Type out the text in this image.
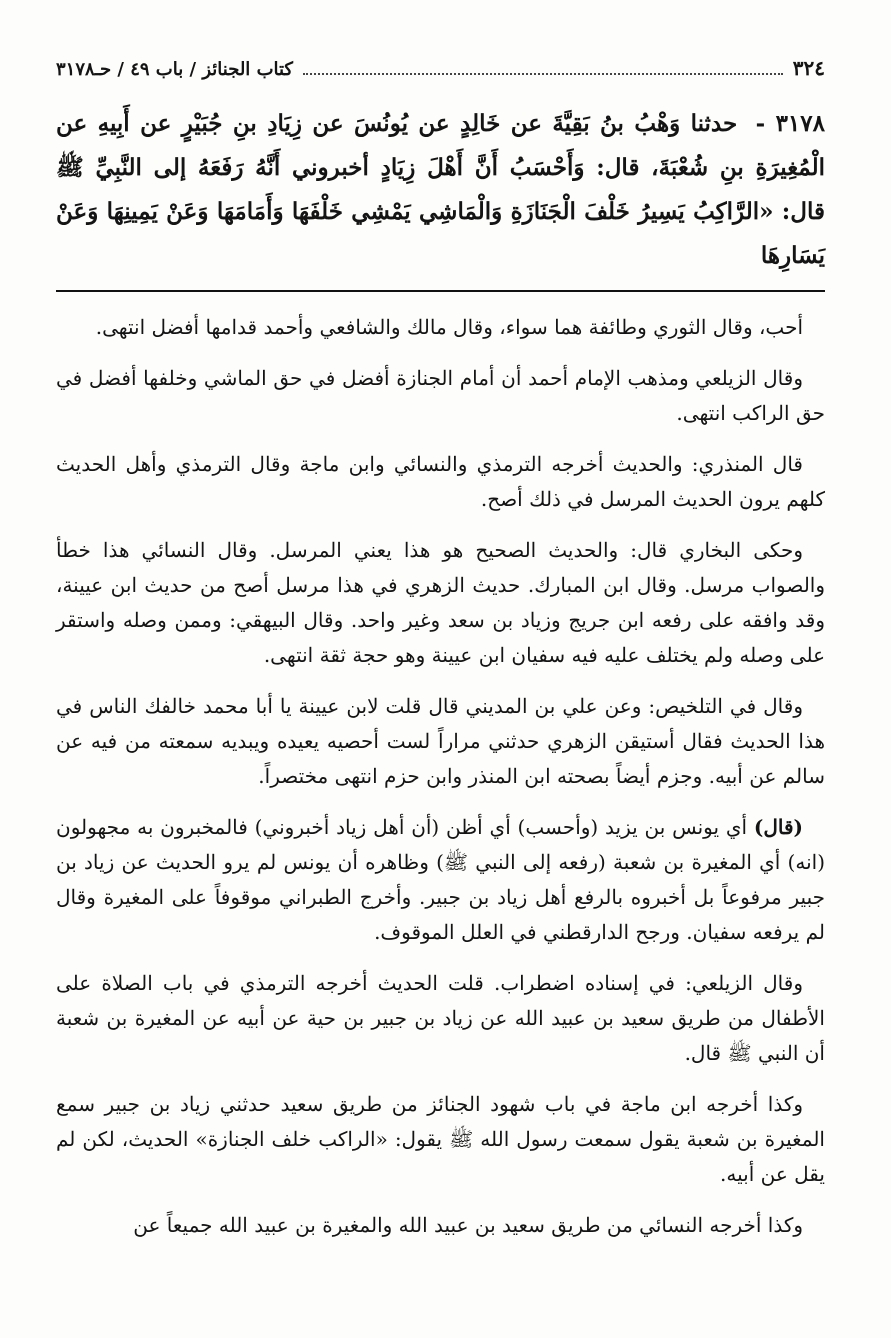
٣٢٤
كتاب الجنائز / باب ٤٩ / حـ٣١٧٨
٣١٧٨ - حدثنا وَهْبُ بنُ بَقِيَّةَ عن خَالِدٍ عن يُونُسَ عن زِيَادِ بنِ جُبَيْرٍ عن أَبِيهِ عن الْمُغِيرَةِ بنِ شُعْبَةَ، قال: وَأَحْسَبُ أَنَّ أَهْلَ زِيَادٍ أخبروني أَنَّهُ رَفَعَهُ إلى النَّبِيِّ ﷺ قال: «الرَّاكِبُ يَسِيرُ خَلْفَ الْجَنَازَةِ وَالْمَاشِي يَمْشِي خَلْفَهَا وَأَمَامَهَا وَعَنْ يَمِينِهَا وَعَنْ يَسَارِهَا

أحب، وقال الثوري وطائفة هما سواء، وقال مالك والشافعي وأحمد قدامها أفضل انتهى.

وقال الزيلعي ومذهب الإمام أحمد أن أمام الجنازة أفضل في حق الماشي وخلفها أفضل في حق الراكب انتهى.

قال المنذري: والحديث أخرجه الترمذي والنسائي وابن ماجة وقال الترمذي وأهل الحديث كلهم يرون الحديث المرسل في ذلك أصح.

وحكى البخاري قال: والحديث الصحيح هو هذا يعني المرسل. وقال النسائي هذا خطأ والصواب مرسل. وقال ابن المبارك. حديث الزهري في هذا مرسل أصح من حديث ابن عيينة، وقد وافقه على رفعه ابن جريج وزياد بن سعد وغير واحد. وقال البيهقي: وممن وصله واستقر على وصله ولم يختلف عليه فيه سفيان ابن عيينة وهو حجة ثقة انتهى.

وقال في التلخيص: وعن علي بن المديني قال قلت لابن عيينة يا أبا محمد خالفك الناس في هذا الحديث فقال أستيقن الزهري حدثني مراراً لست أحصيه يعيده ويبديه سمعته من فيه عن سالم عن أبيه. وجزم أيضاً بصحته ابن المنذر وابن حزم انتهى مختصراً.

(قال) أي يونس بن يزيد (وأحسب) أي أظن (أن أهل زياد أخبروني) فالمخبرون به مجهولون (انه) أي المغيرة بن شعبة (رفعه إلى النبي ﷺ) وظاهره أن يونس لم يرو الحديث عن زياد بن جبير مرفوعاً بل أخبروه بالرفع أهل زياد بن جبير. وأخرج الطبراني موقوفاً على المغيرة وقال لم يرفعه سفيان. ورجح الدارقطني في العلل الموقوف.

وقال الزيلعي: في إسناده اضطراب. قلت الحديث أخرجه الترمذي في باب الصلاة على الأطفال من طريق سعيد بن عبيد الله عن زياد بن جبير بن حية عن أبيه عن المغيرة بن شعبة أن النبي ﷺ قال.

وكذا أخرجه ابن ماجة في باب شهود الجنائز من طريق سعيد حدثني زياد بن جبير سمع المغيرة بن شعبة يقول سمعت رسول الله ﷺ يقول: «الراكب خلف الجنازة» الحديث، لكن لم يقل عن أبيه.

وكذا أخرجه النسائي من طريق سعيد بن عبيد الله والمغيرة بن عبيد الله جميعاً عن
